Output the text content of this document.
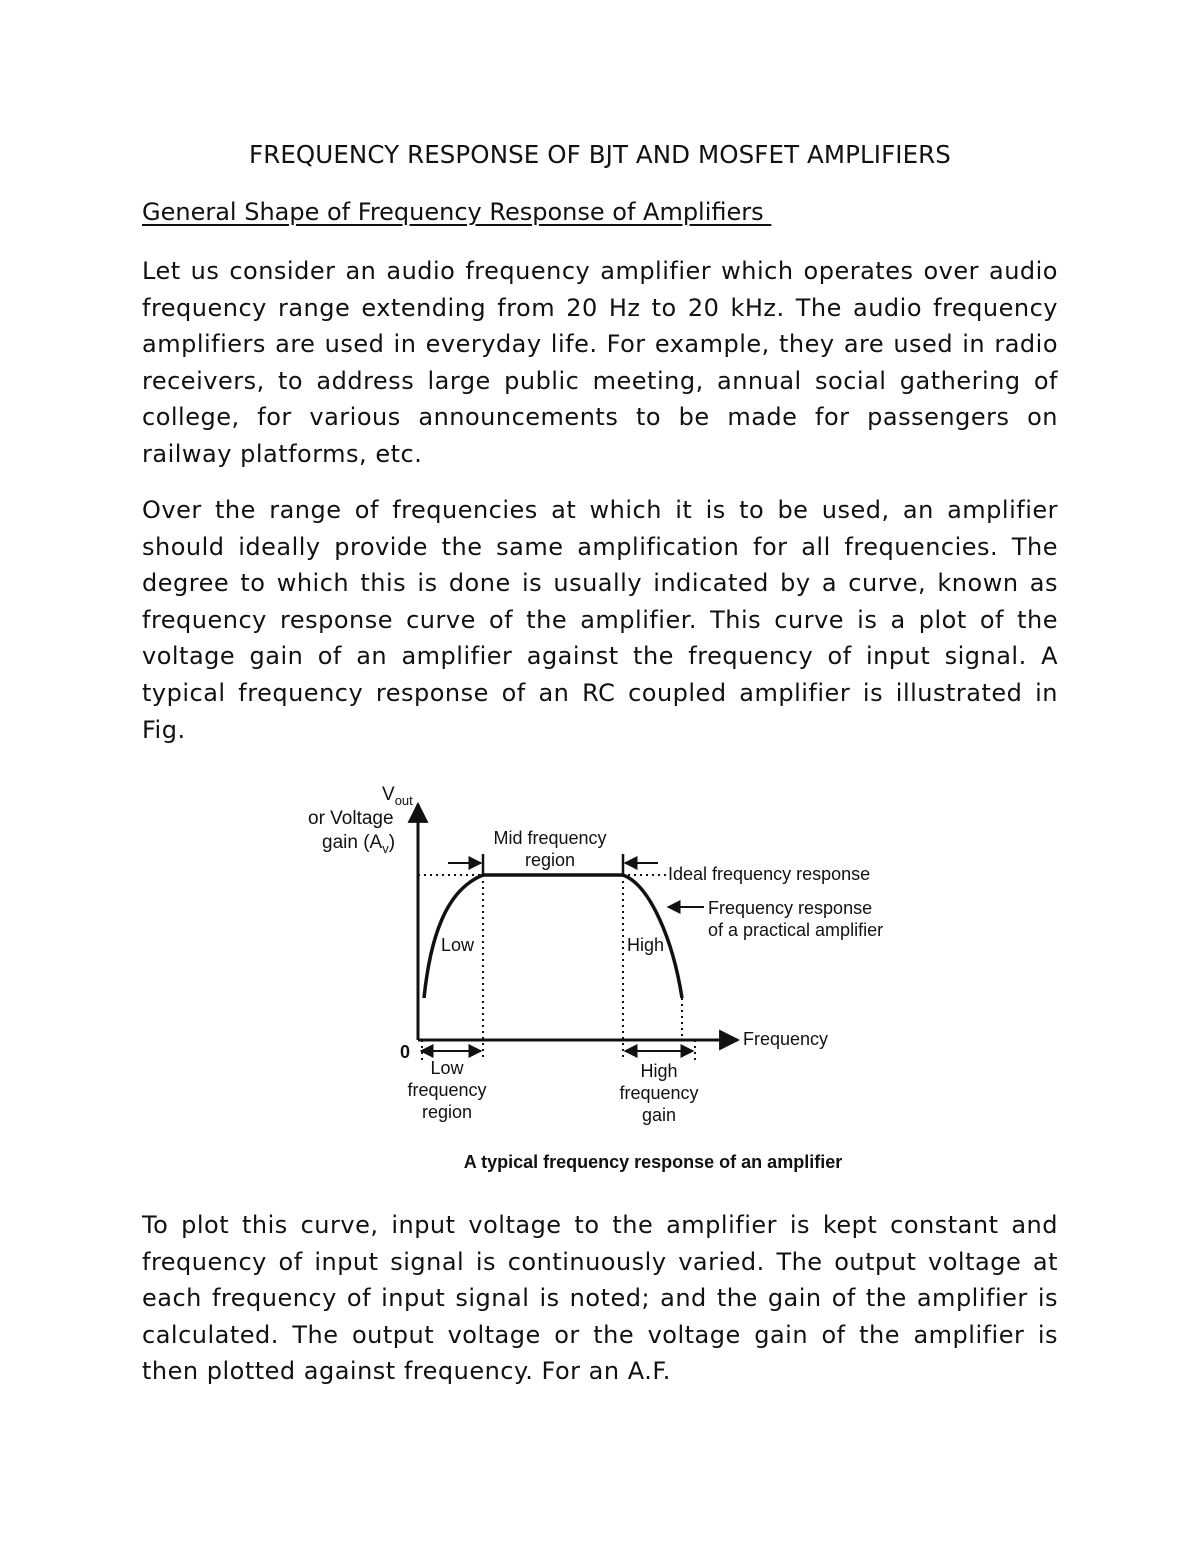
FREQUENCY RESPONSE OF BJT AND MOSFET AMPLIFIERS
General Shape of Frequency Response of Amplifiers

Let us consider an audio frequency amplifier which operates over audio frequency range extending from 20 Hz to 20 kHz. The audio frequency amplifiers are used in everyday life. For example, they are used in radio receivers, to address large public meeting, annual social gathering of college, for various announcements to be made for passengers on railway platforms, etc.

Over the range of frequencies at which it is to be used, an amplifier should ideally provide the same amplification for all frequencies. The degree to which this is done is usually indicated by a curve, known as frequency response curve of the amplifier. This curve is a plot of the voltage gain of an amplifier against the frequency of input signal. A typical frequency response of an RC coupled amplifier is illustrated in Fig.

$V_{out}$
or Voltage
gain $(A_v)$	Mid frequency
region
Ideal frequency response
Frequency response
of a practical amplifier
Low	High
Frequency
0
Low
frequency
region
High
frequency
gain
A typical frequency response of an amplifier

To plot this curve, input voltage to the amplifier is kept constant and frequency of input signal is continuously varied. The output voltage at each frequency of input signal is noted; and the gain of the amplifier is calculated. The output voltage or the voltage gain of the amplifier is then plotted against frequency. For an A.F.
